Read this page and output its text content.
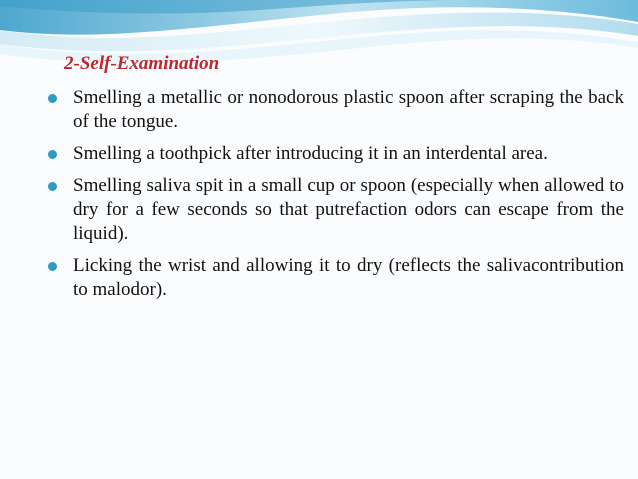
2-Self-Examination
Smelling a metallic or nonodorous plastic spoon after scraping the back of the tongue.
Smelling a toothpick after introducing it in an interdental area.
Smelling saliva spit in a small cup or spoon (especially when allowed to dry for a few seconds so that putrefaction odors can escape from the liquid).
Licking the wrist and allowing it to dry (reflects the salivacontribution to malodor).
